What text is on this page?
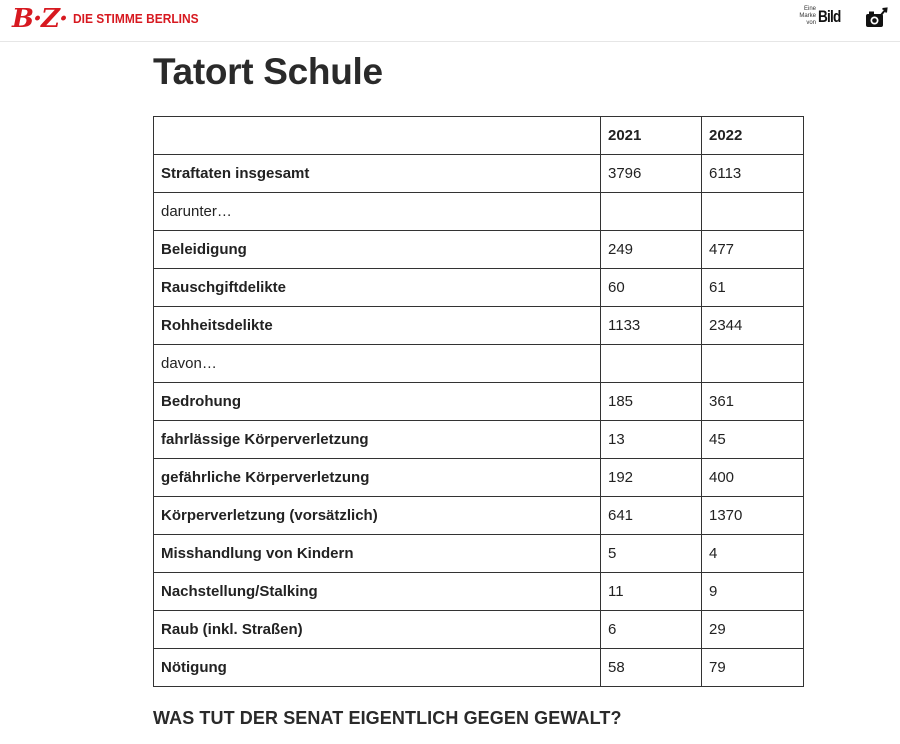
B·Z· DIE STIMME BERLINS
Eine Marke von Bild
Tatort Schule
	2021	2022
Straftaten insgesamt	3796	6113
darunter…		
Beleidigung	249	477
Rauschgiftdelikte	60	61
Rohheitsdelikte	1133	2344
davon…		
Bedrohung	185	361
fahrlässige Körperverletzung	13	45
gefährliche Körperverletzung	192	400
Körperverletzung (vorsätzlich)	641	1370
Misshandlung von Kindern	5	4
Nachstellung/Stalking	11	9
Raub (inkl. Straßen)	6	29
Nötigung	58	79
WAS TUT DER SENAT EIGENTLICH GEGEN GEWALT?
